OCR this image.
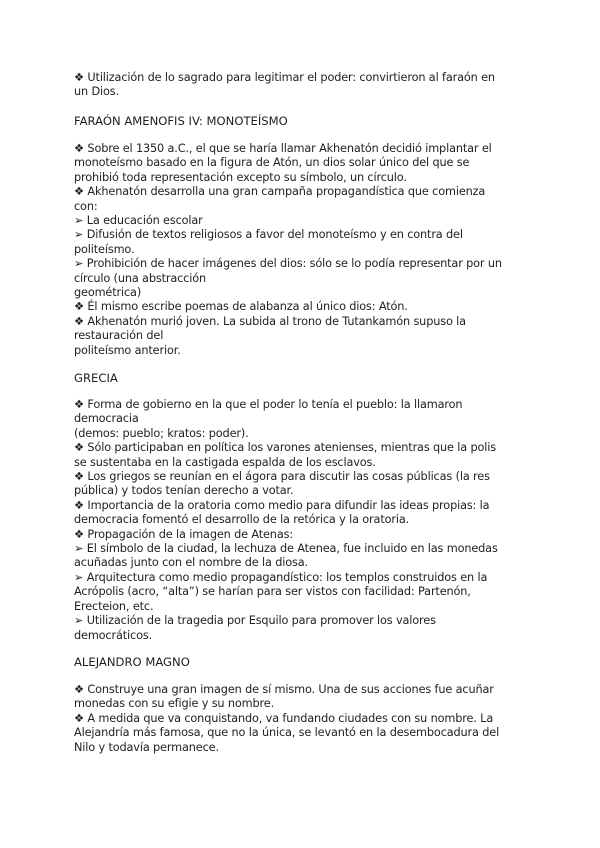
❖ Utilización de lo sagrado para legitimar el poder: convirtieron al faraón en
un Dios.
FARAÓN AMENOFIS IV: MONOTEÍSMO
❖ Sobre el 1350 a.C., el que se haría llamar Akhenatón decidió implantar el
monoteísmo basado en la figura de Atón, un dios solar único del que se
prohibió toda representación excepto su símbolo, un círculo.
❖ Akhenatón desarrolla una gran campaña propagandística que comienza
con:
➢ La educación escolar
➢ Difusión de textos religiosos a favor del monoteísmo y en contra del
politeísmo.
➢ Prohibición de hacer imágenes del dios: sólo se lo podía representar por un
círculo (una abstracción
geométrica)
❖ Él mismo escribe poemas de alabanza al único dios: Atón.
❖ Akhenatón murió joven. La subida al trono de Tutankamón supuso la
restauración del
politeísmo anterior.
GRECIA
❖ Forma de gobierno en la que el poder lo tenía el pueblo: la llamaron
democracia
(demos: pueblo; kratos: poder).
❖ Sólo participaban en política los varones atenienses, mientras que la polis
se sustentaba en la castigada espalda de los esclavos.
❖ Los griegos se reunían en el ágora para discutir las cosas públicas (la res
pública) y todos tenían derecho a votar.
❖ Importancia de la oratoria como medio para difundir las ideas propias: la
democracia fomentó el desarrollo de la retórica y la oratoria.
❖ Propagación de la imagen de Atenas:
➢ El símbolo de la ciudad, la lechuza de Atenea, fue incluido en las monedas
acuñadas junto con el nombre de la diosa.
➢ Arquitectura como medio propagandístico: los templos construidos en la
Acrópolis (acro, “alta”) se harían para ser vistos con facilidad: Partenón,
Erecteion, etc.
➢ Utilización de la tragedia por Esquilo para promover los valores
democráticos.
ALEJANDRO MAGNO
❖ Construye una gran imagen de sí mismo. Una de sus acciones fue acuñar
monedas con su efigie y su nombre.
❖ A medida que va conquistando, va fundando ciudades con su nombre. La
Alejandría más famosa, que no la única, se levantó en la desembocadura del
Nilo y todavía permanece.
